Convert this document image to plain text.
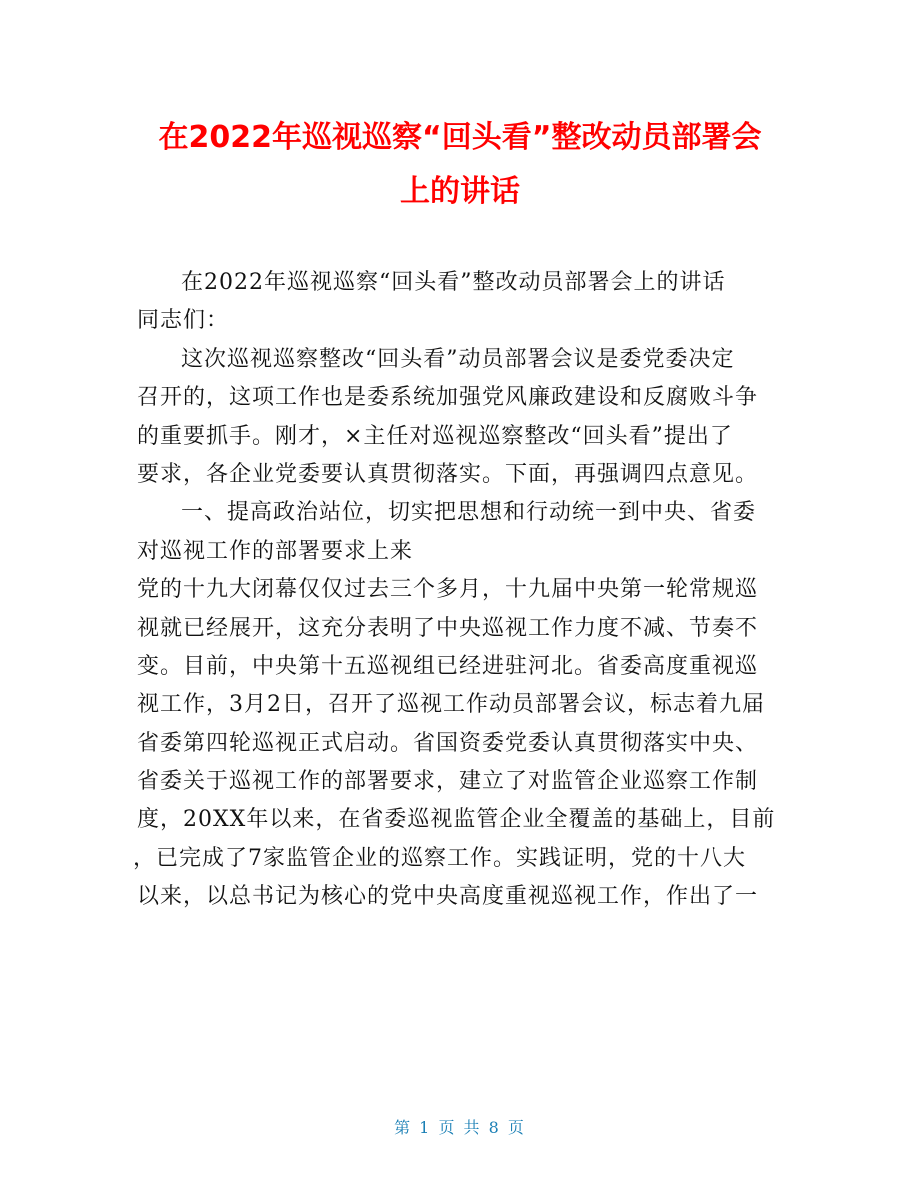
在2022年巡视巡察“回头看”整改动员部署会
上的讲话
在2022年巡视巡察“回头看”整改动员部署会上的讲话
同志们：
这次巡视巡察整改“回头看”动员部署会议是委党委决定
召开的，这项工作也是委系统加强党风廉政建设和反腐败斗争
的重要抓手。刚才，×主任对巡视巡察整改“回头看”提出了
要求，各企业党委要认真贯彻落实。下面，再强调四点意见。
一、提高政治站位，切实把思想和行动统一到中央、省委
对巡视工作的部署要求上来
党的十九大闭幕仅仅过去三个多月，十九届中央第一轮常规巡
视就已经展开，这充分表明了中央巡视工作力度不减、节奏不
变。目前，中央第十五巡视组已经进驻河北。省委高度重视巡
视工作，3月2日，召开了巡视工作动员部署会议，标志着九届
省委第四轮巡视正式启动。省国资委党委认真贯彻落实中央、
省委关于巡视工作的部署要求，建立了对监管企业巡察工作制
度，20XX年以来，在省委巡视监管企业全覆盖的基础上，目前
，已完成了7家监管企业的巡察工作。实践证明，党的十八大
以来，以总书记为核心的党中央高度重视巡视工作，作出了一
第 1 页 共 8 页
